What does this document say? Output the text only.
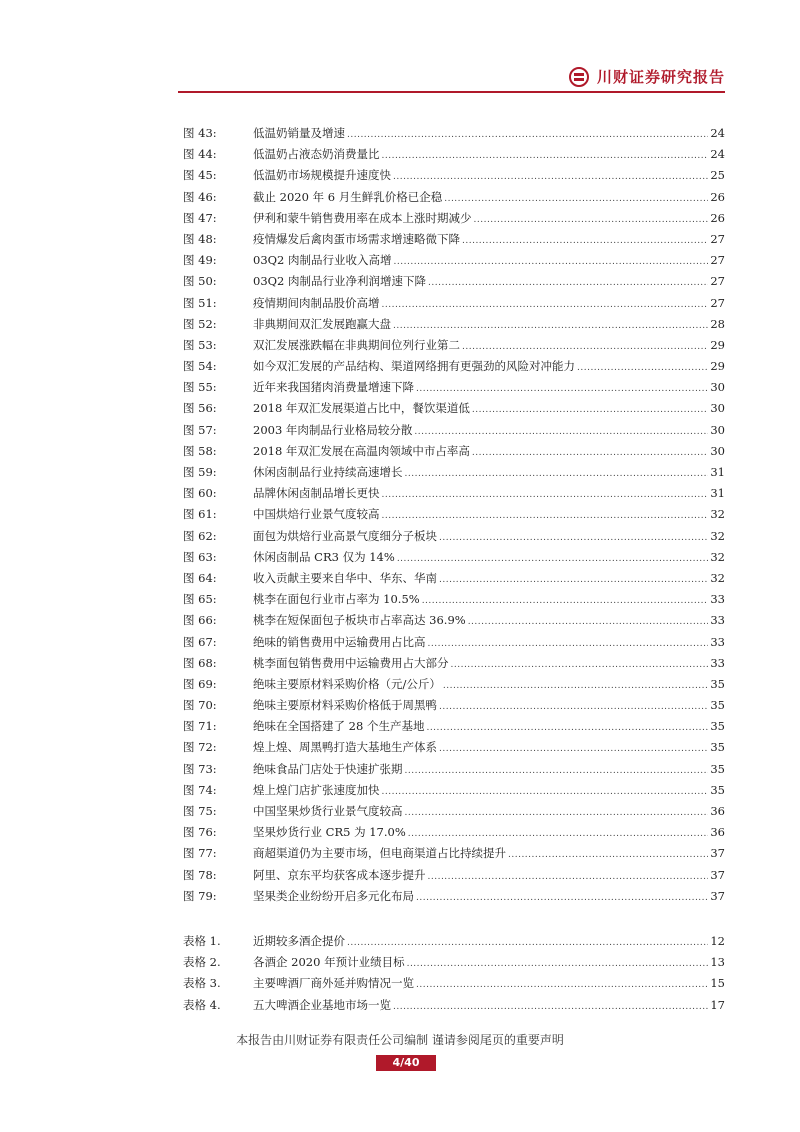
川财证券研究报告
图 43:	低温奶销量及增速 .....	24
图 44:	低温奶占液态奶消费量比 .....	24
图 45:	低温奶市场规模提升速度快 .....	25
图 46:	截止 2020 年 6 月生鲜乳价格已企稳 .....	26
图 47:	伊利和蒙牛销售费用率在成本上涨时期减少 .....	26
图 48:	疫情爆发后禽肉蛋市场需求增速略微下降 .....	27
图 49:	03Q2 肉制品行业收入高增 .....	27
图 50:	03Q2 肉制品行业净利润增速下降 .....	27
图 51:	疫情期间肉制品股价高增 .....	27
图 52:	非典期间双汇发展跑赢大盘 .....	28
图 53:	双汇发展涨跌幅在非典期间位列行业第二 .....	29
图 54:	如今双汇发展的产品结构、渠道网络拥有更强劲的风险对冲能力 .....	29
图 55:	近年来我国猪肉消费量增速下降 .....	30
图 56:	2018 年双汇发展渠道占比中，餐饮渠道低 .....	30
图 57:	2003 年肉制品行业格局较分散 .....	30
图 58:	2018 年双汇发展在高温肉领域中市占率高 .....	30
图 59:	休闲卤制品行业持续高速增长 .....	31
图 60:	品牌休闲卤制品增长更快 .....	31
图 61:	中国烘焙行业景气度较高 .....	32
图 62:	面包为烘焙行业高景气度细分子板块 .....	32
图 63:	休闲卤制品 CR3 仅为 14% .....	32
图 64:	收入贡献主要来自华中、华东、华南 .....	32
图 65:	桃李在面包行业市占率为 10.5% .....	33
图 66:	桃李在短保面包子板块市占率高达 36.9% .....	33
图 67:	绝味的销售费用中运输费用占比高 .....	33
图 68:	桃李面包销售费用中运输费用占大部分 .....	33
图 69:	绝味主要原材料采购价格（元/公斤） .....	35
图 70:	绝味主要原材料采购价格低于周黑鸭 .....	35
图 71:	绝味在全国搭建了 28 个生产基地 .....	35
图 72:	煌上煌、周黑鸭打造大基地生产体系 .....	35
图 73:	绝味食品门店处于快速扩张期 .....	35
图 74:	煌上煌门店扩张速度加快 .....	35
图 75:	中国坚果炒货行业景气度较高 .....	36
图 76:	坚果炒货行业 CR5 为 17.0% .....	36
图 77:	商超渠道仍为主要市场，但电商渠道占比持续提升 .....	37
图 78:	阿里、京东平均获客成本逐步提升 .....	37
图 79:	坚果类企业纷纷开启多元化布局 .....	37
表格 1.	近期较多酒企提价 .....	12
表格 2.	各酒企 2020 年预计业绩目标 .....	13
表格 3.	主要啤酒厂商外延并购情况一览 .....	15
表格 4.	五大啤酒企业基地市场一览 .....	17
本报告由川财证券有限责任公司编制 谨请参阅尾页的重要声明
4/40
